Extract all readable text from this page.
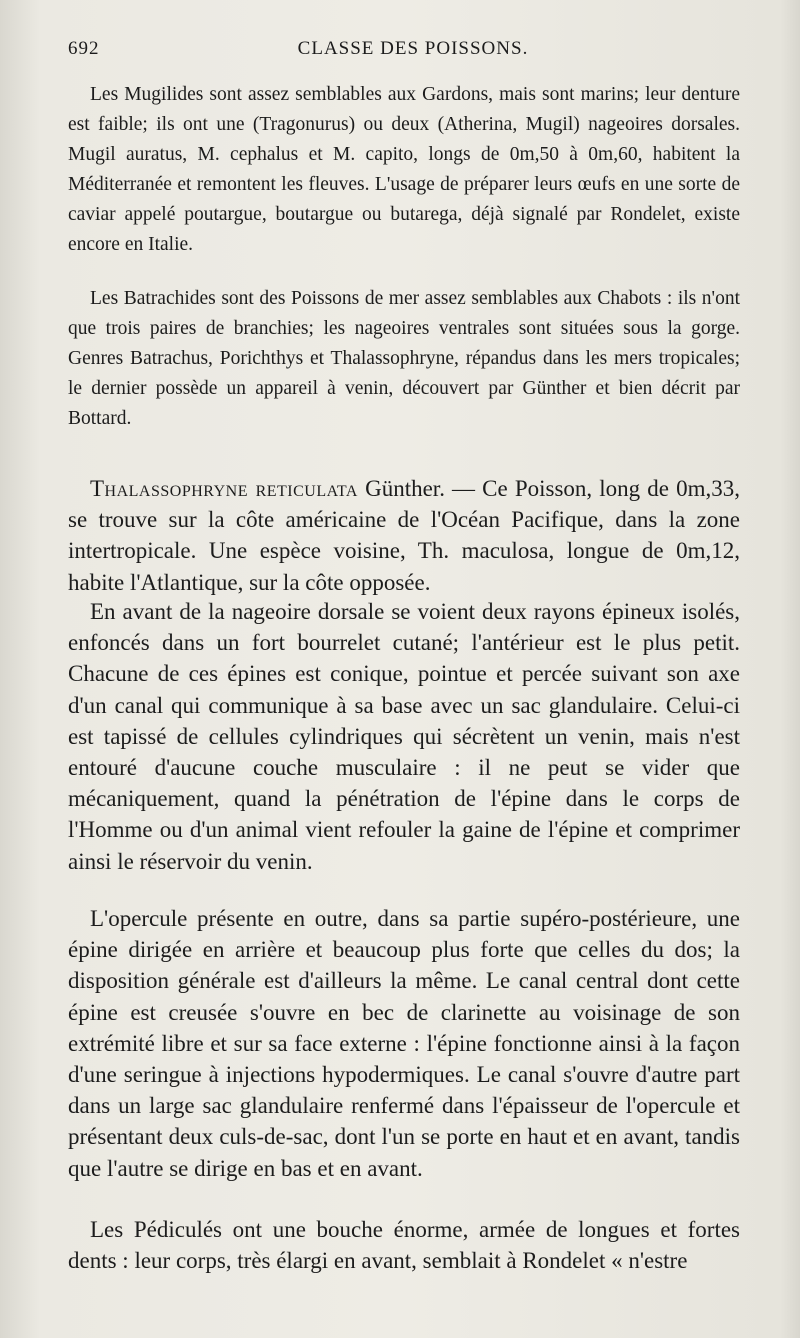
692	CLASSE DES POISSONS.

Les Mugilides sont assez semblables aux Gardons, mais sont marins; leur denture est faible; ils ont une (Tragonurus) ou deux (Atherina, Mugil) nageoires dorsales. Mugil auratus, M. cephalus et M. capito, longs de 0m,50 à 0m,60, habitent la Méditerranée et remontent les fleuves. L'usage de préparer leurs œufs en une sorte de caviar appelé poutargue, boutargue ou butarega, déjà signalé par Rondelet, existe encore en Italie.

Les Batrachides sont des Poissons de mer assez semblables aux Chabots : ils n'ont que trois paires de branchies; les nageoires ventrales sont situées sous la gorge. Genres Batrachus, Porichthys et Thalassophryne, répandus dans les mers tropicales; le dernier possède un appareil à venin, découvert par Günther et bien décrit par Bottard.

Thalassophryne reticulata Günther. — Ce Poisson, long de 0m,33, se trouve sur la côte américaine de l'Océan Pacifique, dans la zone intertropicale. Une espèce voisine, Th. maculosa, longue de 0m,12, habite l'Atlantique, sur la côte opposée.

En avant de la nageoire dorsale se voient deux rayons épineux isolés, enfoncés dans un fort bourrelet cutané; l'antérieur est le plus petit. Chacune de ces épines est conique, pointue et percée suivant son axe d'un canal qui communique à sa base avec un sac glandulaire. Celui-ci est tapissé de cellules cylindriques qui sécrètent un venin, mais n'est entouré d'aucune couche musculaire : il ne peut se vider que mécaniquement, quand la pénétration de l'épine dans le corps de l'Homme ou d'un animal vient refouler la gaine de l'épine et comprimer ainsi le réservoir du venin.

L'opercule présente en outre, dans sa partie supéro-postérieure, une épine dirigée en arrière et beaucoup plus forte que celles du dos; la disposition générale est d'ailleurs la même. Le canal central dont cette épine est creusée s'ouvre en bec de clarinette au voisinage de son extrémité libre et sur sa face externe : l'épine fonctionne ainsi à la façon d'une seringue à injections hypodermiques. Le canal s'ouvre d'autre part dans un large sac glandulaire renfermé dans l'épaisseur de l'opercule et présentant deux culs-de-sac, dont l'un se porte en haut et en avant, tandis que l'autre se dirige en bas et en avant.

Les Pédiculés ont une bouche énorme, armée de longues et fortes dents : leur corps, très élargi en avant, semblait à Rondelet « n'estre
